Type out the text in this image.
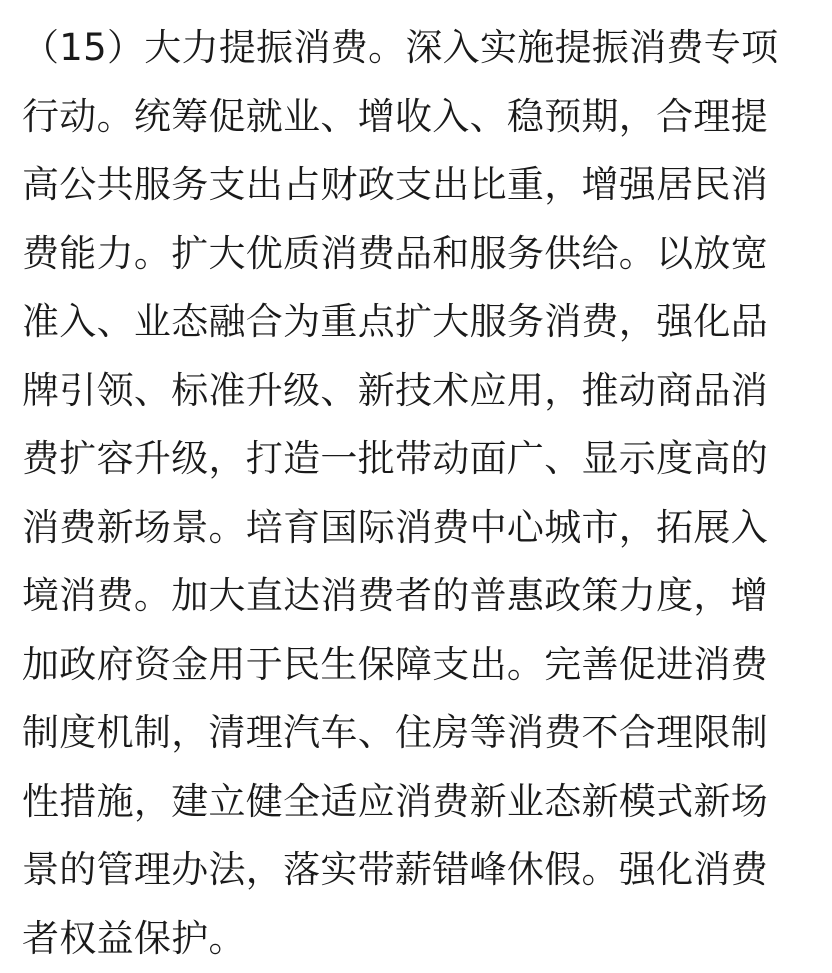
（15）大力提振消费。深入实施提振消费专项
行动。统筹促就业、增收入、稳预期，合理提
高公共服务支出占财政支出比重，增强居民消
费能力。扩大优质消费品和服务供给。以放宽
准入、业态融合为重点扩大服务消费，强化品
牌引领、标准升级、新技术应用，推动商品消
费扩容升级，打造一批带动面广、显示度高的
消费新场景。培育国际消费中心城市，拓展入
境消费。加大直达消费者的普惠政策力度，增
加政府资金用于民生保障支出。完善促进消费
制度机制，清理汽车、住房等消费不合理限制
性措施，建立健全适应消费新业态新模式新场
景的管理办法，落实带薪错峰休假。强化消费
者权益保护。
